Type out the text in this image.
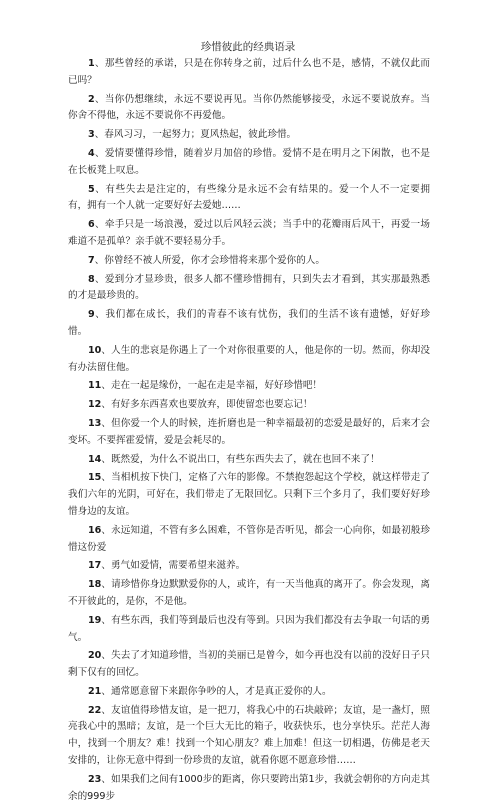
珍惜彼此的经典语录

1、那些曾经的承诺，只是在你转身之前，过后什么也不是，感情，不就仅此而已吗？

2、当你仍想继续，永远不要说再见。当你仍然能够接受，永远不要说放弃。当你舍不得他，永远不要说你不再爱他。

3、春风习习，一起努力；夏风热起，彼此珍惜。

4、爱情要懂得珍惜，随着岁月加倍的珍惜。爱情不是在明月之下闲散，也不是在长板凳上叹息。

5、有些失去是注定的，有些缘分是永远不会有结果的。爱一个人不一定要拥有，拥有一个人就一定要好好去爱她……

6、牵手只是一场浪漫，爱过以后风轻云淡；当手中的花瓣雨后风干，再爱一场难道不是孤单？亲手就不要轻易分手。

7、你曾经不被人所爱，你才会珍惜将来那个爱你的人。

8、爱到分才显珍贵，很多人都不懂珍惜拥有，只到失去才看到，其实那最熟悉的才是最珍贵的。

9、我们都在成长，我们的青春不该有忧伤，我们的生活不该有遗憾，好好珍惜。

10、人生的悲哀是你遇上了一个对你很重要的人，他是你的一切。然而，你却没有办法留住他。

11、走在一起是缘份，一起在走是幸福，好好珍惜吧！

12、有好多东西喜欢也要放弃，即使留恋也要忘记！

13、但你爱一个人的时候，连折磨也是一种幸福最初的恋爱是最好的，后来才会变坏。不要挥霍爱情，爱是会耗尽的。

14、既然爱，为什么不说出口，有些东西失去了，就在也回不来了！

15、当相机按下快门，定格了六年的影像。不禁抱怨起这个学校，就这样带走了我们六年的光阴，可好在，我们带走了无限回忆。只剩下三个多月了，我们要好好珍惜身边的友谊。

16、永远知道，不管有多么困难，不管你是否听见，都会一心向你，如最初般珍惜这份爱

17、勇气如爱情，需要希望来滋养。

18、请珍惜你身边默默爱你的人，或许，有一天当他真的离开了。你会发现，离不开彼此的，是你，不是他。

19、有些东西，我们等到最后也没有等到。只因为我们都没有去争取一句话的勇气。

20、失去了才知道珍惜，当初的美丽已是曾今，如今再也没有以前的没好日子只剩下仅有的回忆。

21、通常愿意留下来跟你争吵的人，才是真正爱你的人。

22、友谊值得珍惜友谊，是一把刀，将我心中的石块敲碎；友谊，是一盏灯，照亮我心中的黑暗；友谊，是一个巨大无比的箱子，收获快乐，也分享快乐。茫茫人海中，找到一个朋友？难！找到一个知心朋友？难上加难！但这一切相遇，仿佛是老天安排的，让你无意中得到一份珍贵的友谊，就看你愿不愿意珍惜……

23、如果我们之间有1000步的距离，你只要跨出第1步，我就会朝你的方向走其余的999步
